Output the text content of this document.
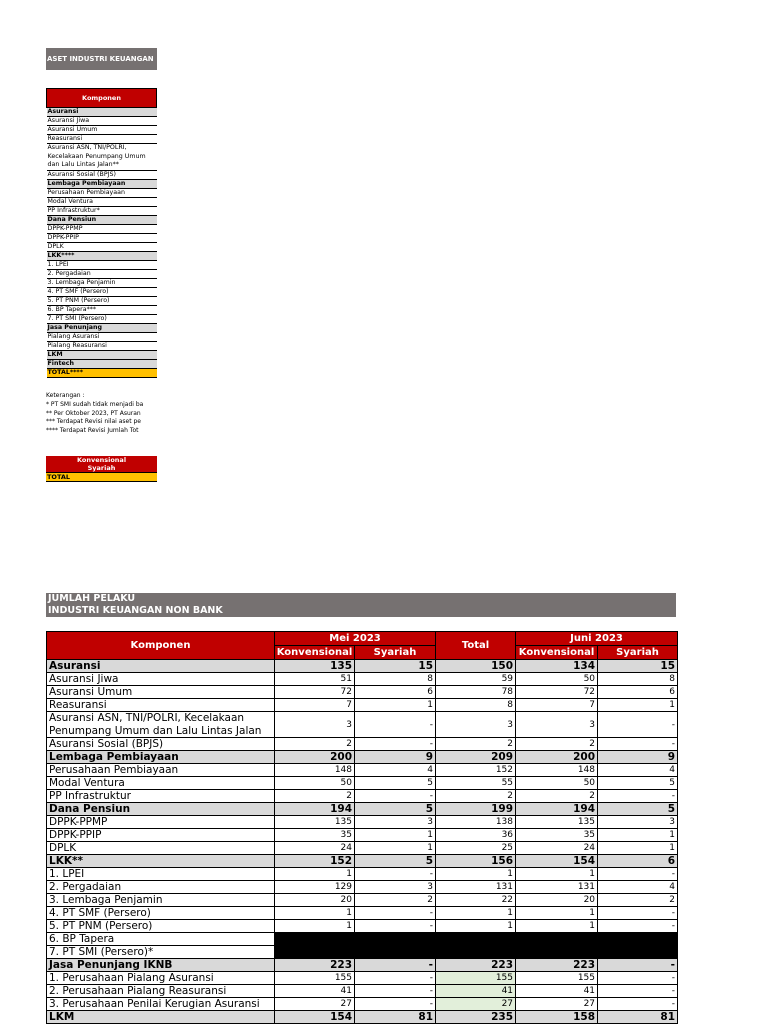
ASET INDUSTRI KEUANGAN
Komponen
Asuransi
Asuransi Jiwa
Asuransi Umum
Reasuransi
Asuransi ASN, TNI/POLRI, Kecelakaan Penumpang Umum dan Lalu Lintas Jalan**
Asuransi Sosial (BPJS)
Lembaga Pembiayaan
Perusahaan Pembiayaan
Modal Ventura
PP Infrastruktur*
Dana Pensiun
DPPK-PPMP
DPPK-PPIP
DPLK
LKK****
1. LPEI
2. Pergadaian
3. Lembaga Penjamin
4. PT SMF (Persero)
5. PT PNM (Persero)
6. BP Tapera***
7. PT SMI (Persero)
Jasa Penunjang
Pialang Asuransi
Pialang Reasuransi
LKM
Fintech
TOTAL****
Keterangan :
* PT SMI sudah tidak menjadi ba
** Per Oktober 2023, PT Asuran
*** Terdapat Revisi nilai aset pe
**** Terdapat Revisi Jumlah Tot
Konvensional
Syariah
TOTAL
JUMLAH PELAKU
INDUSTRI KEUANGAN NON BANK
Komponen	Mei 2023		Total	Juni 2023	
	Konvensional	Syariah		Konvensional	Syariah
Asuransi	135	15	150	134	15
Asuransi Jiwa	51	8	59	50	8
Asuransi Umum	72	6	78	72	6
Reasuransi	7	1	8	7	1
Asuransi ASN, TNI/POLRI, Kecelakaan Penumpang Umum dan Lalu Lintas Jalan	3	-	3	3	-
Asuransi Sosial (BPJS)	2	-	2	2	-
Lembaga Pembiayaan	200	9	209	200	9
Perusahaan Pembiayaan	148	4	152	148	4
Modal Ventura	50	5	55	50	5
PP Infrastruktur	2	-	2	2	-
Dana Pensiun	194	5	199	194	5
DPPK-PPMP	135	3	138	135	3
DPPK-PPIP	35	1	36	35	1
DPLK	24	1	25	24	1
LKK**	152	5	156	154	6
1. LPEI	1	-	1	1	-
2. Pergadaian	129	3	131	131	4
3. Lembaga Penjamin	20	2	22	20	2
4. PT SMF (Persero)	1	-	1	1	-
5. PT PNM (Persero)	1	-	1	1	-
6. BP Tapera					
7. PT SMI (Persero)*					
Jasa Penunjang IKNB	223	-	223	223	-
1. Perusahaan Pialang Asuransi	155	-	155	155	-
2. Perusahaan Pialang Reasuransi	41	-	41	41	-
3. Perusahaan Penilai Kerugian Asuransi	27	-	27	27	-
LKM	154	81	235	158	81
